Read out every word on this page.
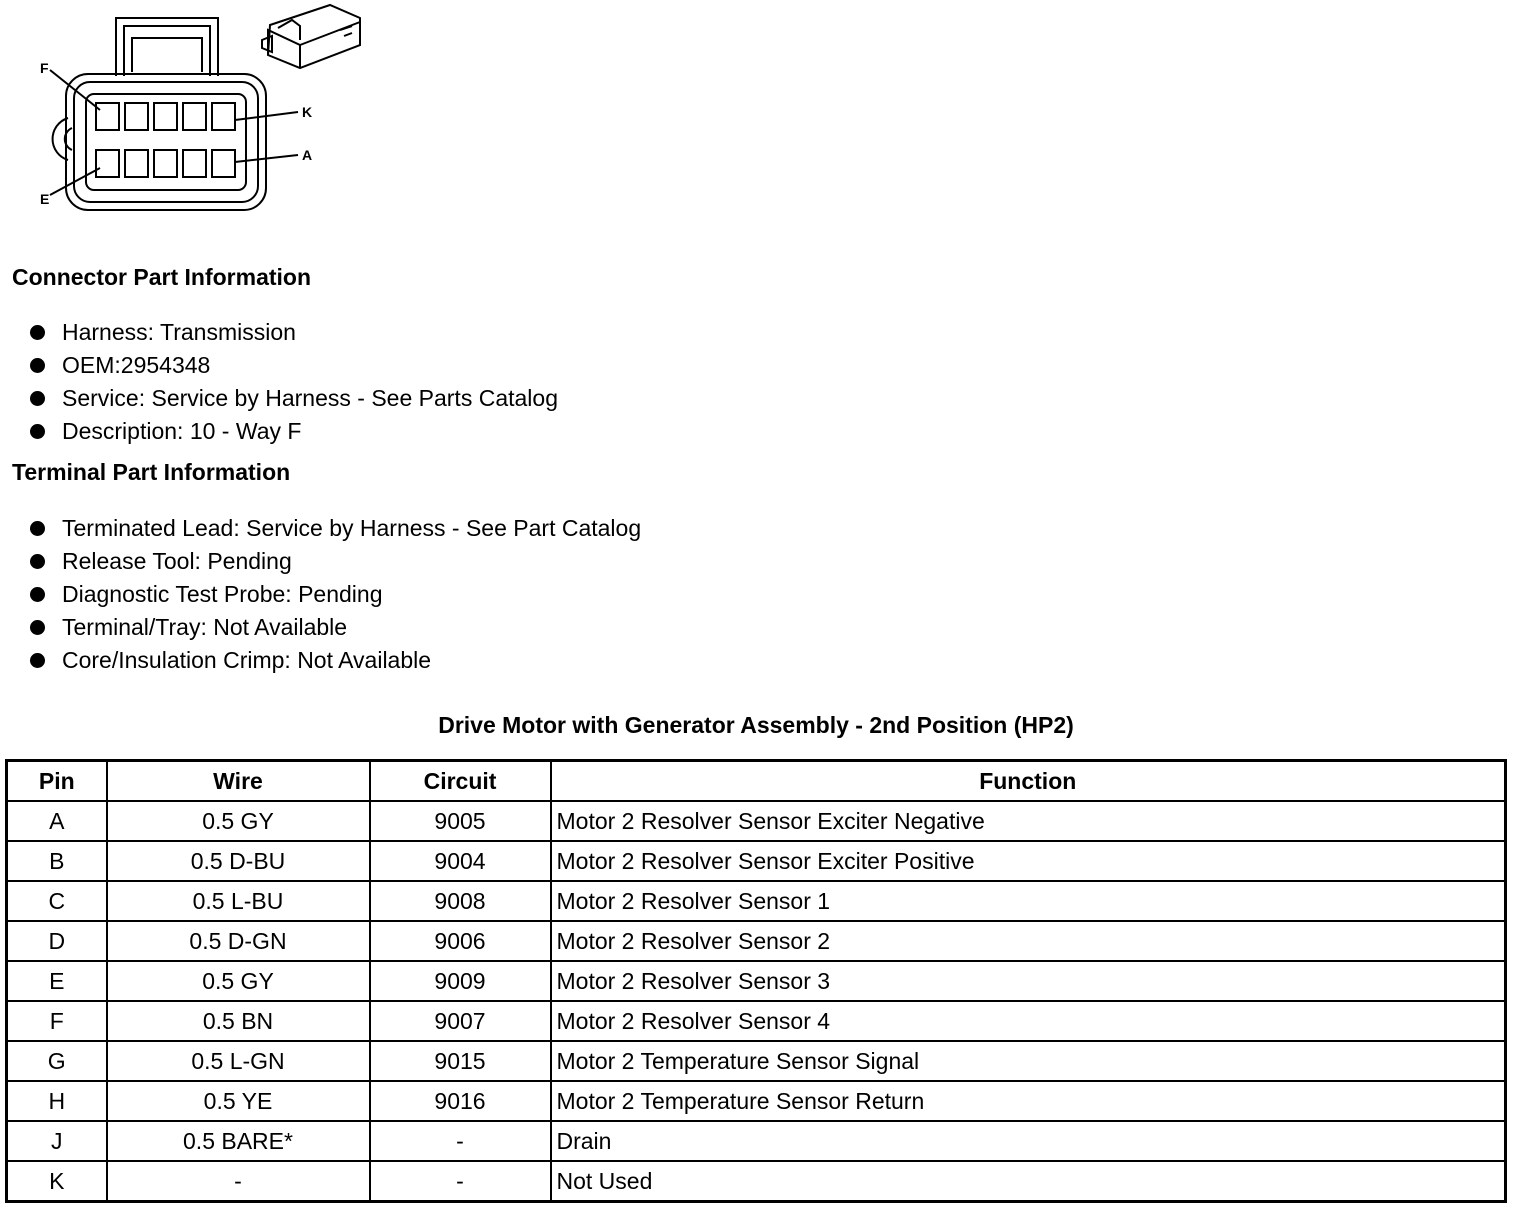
F
E
K
A
Connector Part Information
Harness: Transmission
OEM:2954348
Service: Service by Harness - See Parts Catalog
Description: 10 - Way F
Terminal Part Information
Terminated Lead: Service by Harness - See Part Catalog
Release Tool: Pending
Diagnostic Test Probe: Pending
Terminal/Tray: Not Available
Core/Insulation Crimp: Not Available
Drive Motor with Generator Assembly - 2nd Position (HP2)
Pin	Wire	Circuit	Function
A	0.5 GY	9005	Motor 2 Resolver Sensor Exciter Negative
B	0.5 D-BU	9004	Motor 2 Resolver Sensor Exciter Positive
C	0.5 L-BU	9008	Motor 2 Resolver Sensor 1
D	0.5 D-GN	9006	Motor 2 Resolver Sensor 2
E	0.5 GY	9009	Motor 2 Resolver Sensor 3
F	0.5 BN	9007	Motor 2 Resolver Sensor 4
G	0.5 L-GN	9015	Motor 2 Temperature Sensor Signal
H	0.5 YE	9016	Motor 2 Temperature Sensor Return
J	0.5 BARE*	-	Drain
K	-	-	Not Used
